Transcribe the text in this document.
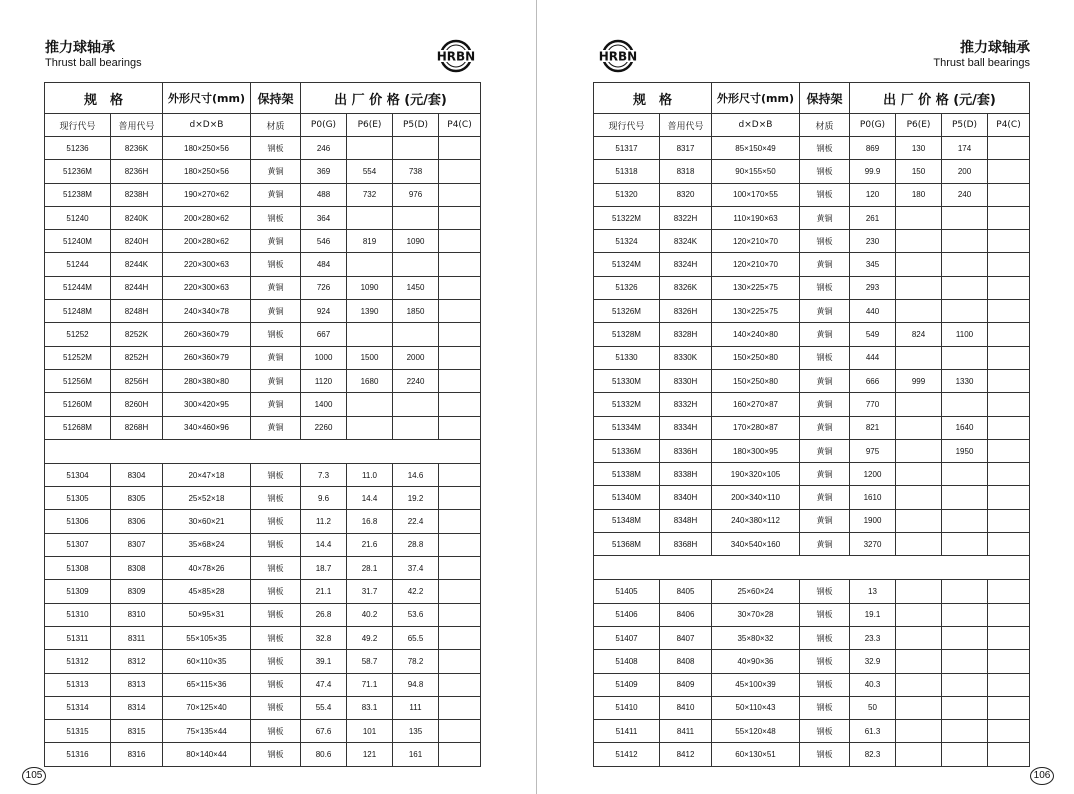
推力球轴承
Thrust ball bearings	HRBN
规　格		外形尺寸(mm)	保持架	出 厂 价 格 (元/套)			
现行代号	普用代号	d×D×B	材质	P0(G)	P6(E)	P5(D)	P4(C)
51236	8236K	180×250×56	钢板	246			
51236M	8236H	180×250×56	黄铜	369	554	738	
51238M	8238H	190×270×62	黄铜	488	732	976	
51240	8240K	200×280×62	钢板	364			
51240M	8240H	200×280×62	黄铜	546	819	1090	
51244	8244K	220×300×63	钢板	484			
51244M	8244H	220×300×63	黄铜	726	1090	1450	
51248M	8248H	240×340×78	黄铜	924	1390	1850	
51252	8252K	260×360×79	钢板	667			
51252M	8252H	260×360×79	黄铜	1000	1500	2000	
51256M	8256H	280×380×80	黄铜	1120	1680	2240	
51260M	8260H	300×420×95	黄铜	1400			
51268M	8268H	340×460×96	黄铜	2260			

51304	8304	20×47×18	钢板	7.3	11.0	14.6	
51305	8305	25×52×18	钢板	9.6	14.4	19.2	
51306	8306	30×60×21	钢板	11.2	16.8	22.4	
51307	8307	35×68×24	钢板	14.4	21.6	28.8	
51308	8308	40×78×26	钢板	18.7	28.1	37.4	
51309	8309	45×85×28	钢板	21.1	31.7	42.2	
51310	8310	50×95×31	钢板	26.8	40.2	53.6	
51311	8311	55×105×35	钢板	32.8	49.2	65.5	
51312	8312	60×110×35	钢板	39.1	58.7	78.2	
51313	8313	65×115×36	钢板	47.4	71.1	94.8	
51314	8314	70×125×40	钢板	55.4	83.1	111	
51315	8315	75×135×44	钢板	67.6	101	135	
51316	8316	80×140×44	钢板	80.6	121	161	
105
HRBN
推力球轴承
Thrust ball bearings
规　格		外形尺寸(mm)	保持架	出 厂 价 格 (元/套)			
现行代号	普用代号	d×D×B	材质	P0(G)	P6(E)	P5(D)	P4(C)
51317	8317	85×150×49	钢板	869	130	174	
51318	8318	90×155×50	钢板	99.9	150	200	
51320	8320	100×170×55	钢板	120	180	240	
51322M	8322H	110×190×63	黄铜	261			
51324	8324K	120×210×70	钢板	230			
51324M	8324H	120×210×70	黄铜	345			
51326	8326K	130×225×75	钢板	293			
51326M	8326H	130×225×75	黄铜	440			
51328M	8328H	140×240×80	黄铜	549	824	1100	
51330	8330K	150×250×80	钢板	444			
51330M	8330H	150×250×80	黄铜	666	999	1330	
51332M	8332H	160×270×87	黄铜	770			
51334M	8334H	170×280×87	黄铜	821		1640	
51336M	8336H	180×300×95	黄铜	975		1950	
51338M	8338H	190×320×105	黄铜	1200			
51340M	8340H	200×340×110	黄铜	1610			
51348M	8348H	240×380×112	黄铜	1900			
51368M	8368H	340×540×160	黄铜	3270			

51405	8405	25×60×24	钢板	13			
51406	8406	30×70×28	钢板	19.1			
51407	8407	35×80×32	钢板	23.3			
51408	8408	40×90×36	钢板	32.9			
51409	8409	45×100×39	钢板	40.3			
51410	8410	50×110×43	钢板	50			
51411	8411	55×120×48	钢板	61.3			
51412	8412	60×130×51	钢板	82.3			
106
